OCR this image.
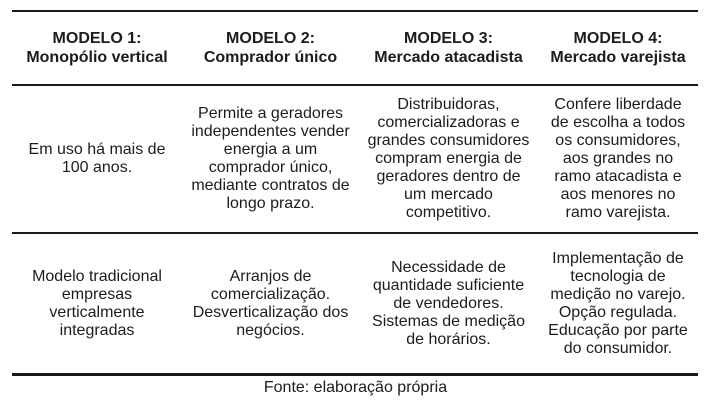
MODELO 1:
Monopólio vertical
MODELO 2:
Comprador único
MODELO 3:
Mercado atacadista
MODELO 4:
Mercado varejista
Em uso há mais de 100 anos.
Permite a geradores independentes vender energia a um comprador único, mediante contratos de longo prazo.
Distribuidoras, comercializadoras e grandes consumidores compram energia de geradores dentro de um mercado competitivo.
Confere liberdade de escolha a todos os consumidores, aos grandes no ramo atacadista e aos menores no ramo varejista.
Modelo tradicional empresas verticalmente integradas
Arranjos de comercialização. Desverticalização dos negócios.
Necessidade de quantidade suficiente de vendedores. Sistemas de medição de horários.
Implementação de tecnologia de medição no varejo. Opção regulada. Educação por parte do consumidor.
Fonte: elaboração própria
